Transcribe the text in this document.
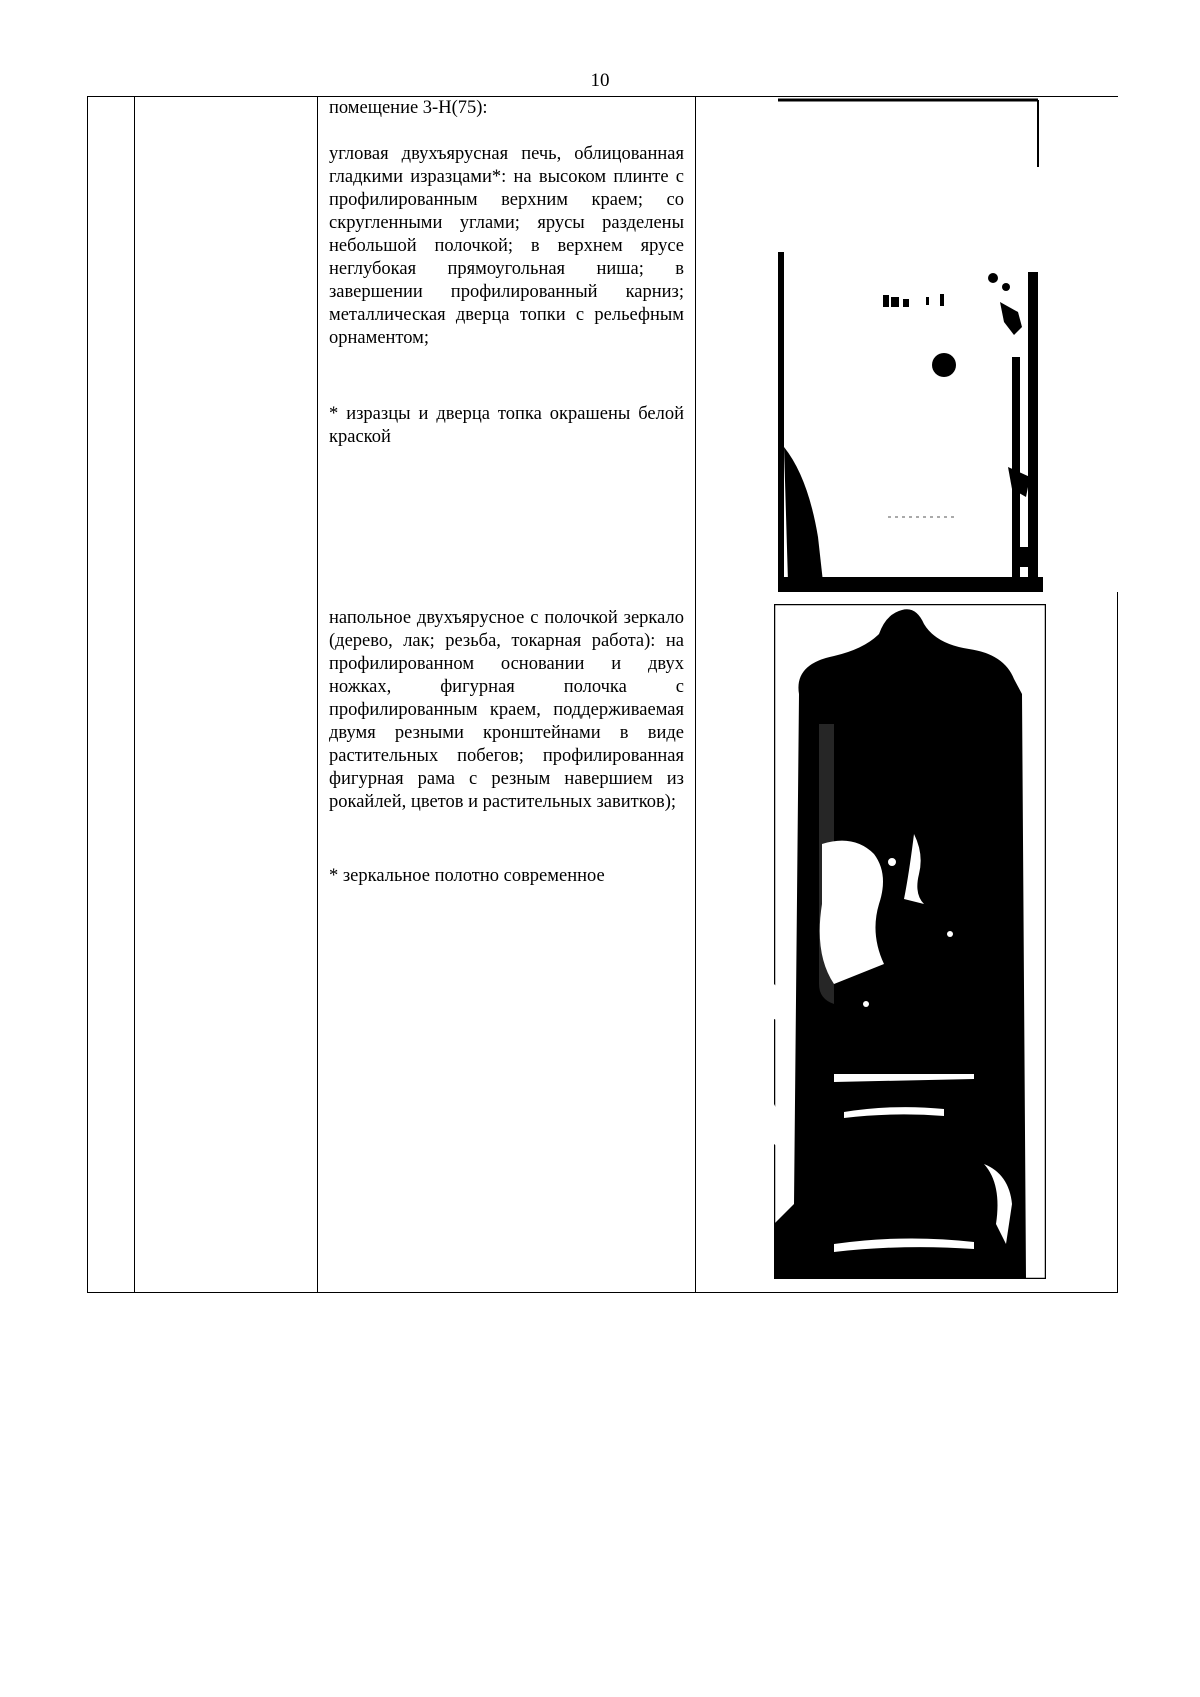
10

помещение 3-Н(75):

угловая двухъярусная печь, облицованная гладкими изразцами*: на высоком плинте с профилированным верхним краем; со скругленными углами; ярусы разделены небольшой полочкой; в верхнем ярусе неглубокая прямоугольная ниша; в завершении профилированный карниз; металлическая дверца топки с рельефным орнаментом;

* изразцы и дверца топка окрашены белой краской

напольное двухъярусное с полочкой зеркало (дерево, лак; резьба, токарная работа): на профилированном основании и двух ножках, фигурная полочка с профилированным краем, поддерживаемая двумя резными кронштейнами в виде растительных побегов; профилированная фигурная рама с резным навершием из рокайлей, цветов и растительных завитков);

* зеркальное полотно современное
